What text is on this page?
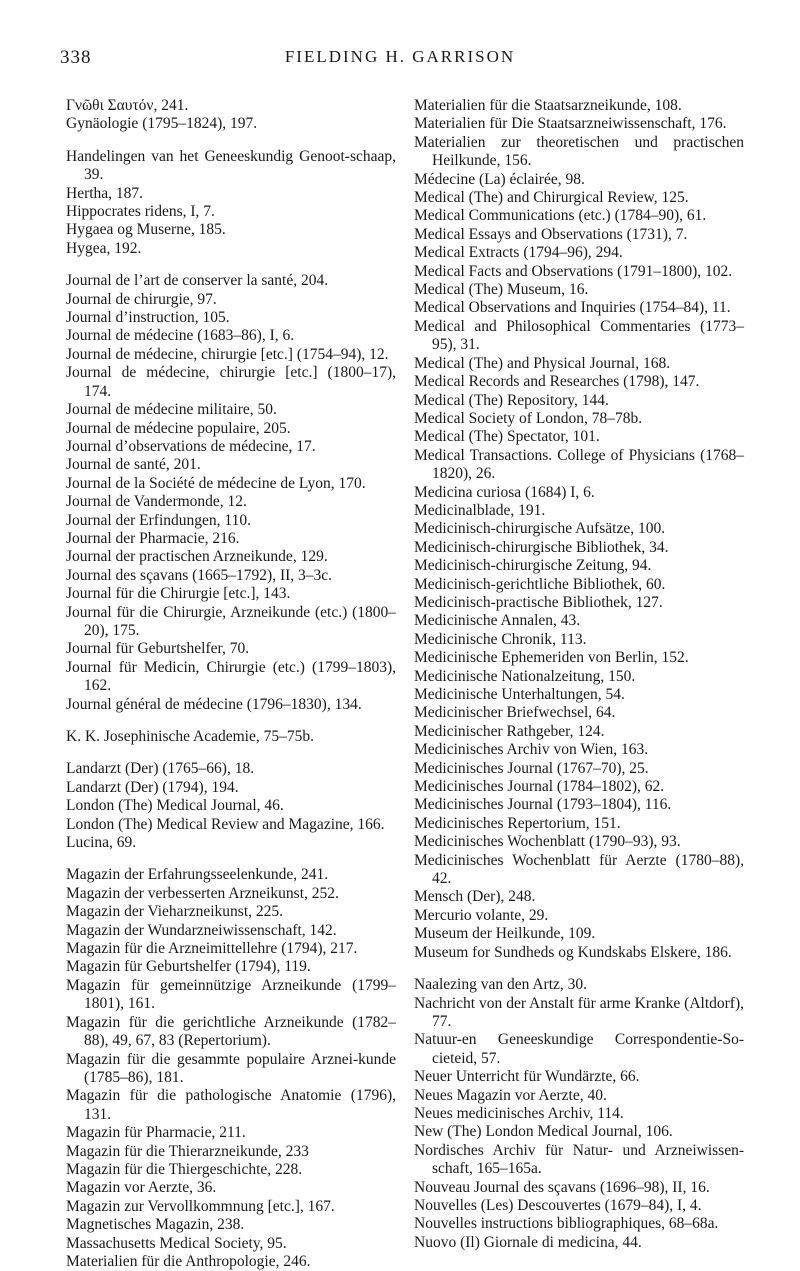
338	FIELDING H. GARRISON

Γνῶθι Σαυτόν, 241.

Gynäologie (1795–1824), 197.

Handelingen van het Geneeskundig Genoot-schaap, 39.

Hertha, 187.

Hippocrates ridens, I, 7.

Hygaea og Muserne, 185.

Hygea, 192.

Journal de l’art de conserver la santé, 204.

Journal de chirurgie, 97.

Journal d’instruction, 105.

Journal de médecine (1683–86), I, 6.

Journal de médecine, chirurgie [etc.] (1754–94), 12.

Journal de médecine, chirurgie [etc.] (1800–17), 174.

Journal de médecine militaire, 50.

Journal de médecine populaire, 205.

Journal d’observations de médecine, 17.

Journal de santé, 201.

Journal de la Société de médecine de Lyon, 170.

Journal de Vandermonde, 12.

Journal der Erfindungen, 110.

Journal der Pharmacie, 216.

Journal der practischen Arzneikunde, 129.

Journal des sçavans (1665–1792), II, 3–3c.

Journal für die Chirurgie [etc.], 143.

Journal für die Chirurgie, Arzneikunde (etc.) (1800–20), 175.

Journal für Geburtshelfer, 70.

Journal für Medicin, Chirurgie (etc.) (1799–1803), 162.

Journal général de médecine (1796–1830), 134.

K. K. Josephinische Academie, 75–75b.

Landarzt (Der) (1765–66), 18.

Landarzt (Der) (1794), 194.

London (The) Medical Journal, 46.

London (The) Medical Review and Magazine, 166.

Lucina, 69.

Magazin der Erfahrungsseelenkunde, 241.

Magazin der verbesserten Arzneikunst, 252.

Magazin der Vieharzneikunst, 225.

Magazin der Wundarzneiwissenschaft, 142.

Magazin für die Arzneimittellehre (1794), 217.

Magazin für Geburtshelfer (1794), 119.

Magazin für gemeinnützige Arzneikunde (1799–1801), 161.

Magazin für die gerichtliche Arzneikunde (1782–88), 49, 67, 83 (Repertorium).

Magazin für die gesammte populaire Arznei-kunde (1785–86), 181.

Magazin für die pathologische Anatomie (1796), 131.

Magazin für Pharmacie, 211.

Magazin für die Thierarzneikunde, 233

Magazin für die Thiergeschichte, 228.

Magazin vor Aerzte, 36.

Magazin zur Vervollkommnung [etc.], 167.

Magnetisches Magazin, 238.

Massachusetts Medical Society, 95.

Materialien für die Anthropologie, 246.

Materialien für die Staatsarzneikunde, 108.

Materialien für Die Staatsarzneiwissenschaft, 176.

Materialien zur theoretischen und practischen Heilkunde, 156.

Médecine (La) éclairée, 98.

Medical (The) and Chirurgical Review, 125.

Medical Communications (etc.) (1784–90), 61.

Medical Essays and Observations (1731), 7.

Medical Extracts (1794–96), 294.

Medical Facts and Observations (1791–1800), 102.

Medical (The) Museum, 16.

Medical Observations and Inquiries (1754–84), 11.

Medical and Philosophical Commentaries (1773–95), 31.

Medical (The) and Physical Journal, 168.

Medical Records and Researches (1798), 147.

Medical (The) Repository, 144.

Medical Society of London, 78–78b.

Medical (The) Spectator, 101.

Medical Transactions. College of Physicians (1768–1820), 26.

Medicina curiosa (1684) I, 6.

Medicinalblade, 191.

Medicinisch-chirurgische Aufsätze, 100.

Medicinisch-chirurgische Bibliothek, 34.

Medicinisch-chirurgische Zeitung, 94.

Medicinisch-gerichtliche Bibliothek, 60.

Medicinisch-practische Bibliothek, 127.

Medicinische Annalen, 43.

Medicinische Chronik, 113.

Medicinische Ephemeriden von Berlin, 152.

Medicinische Nationalzeitung, 150.

Medicinische Unterhaltungen, 54.

Medicinischer Briefwechsel, 64.

Medicinischer Rathgeber, 124.

Medicinisches Archiv von Wien, 163.

Medicinisches Journal (1767–70), 25.

Medicinisches Journal (1784–1802), 62.

Medicinisches Journal (1793–1804), 116.

Medicinisches Repertorium, 151.

Medicinisches Wochenblatt (1790–93), 93.

Medicinisches Wochenblatt für Aerzte (1780–88), 42.

Mensch (Der), 248.

Mercurio volante, 29.

Museum der Heilkunde, 109.

Museum for Sundheds og Kundskabs Elskere, 186.

Naalezing van den Artz, 30.

Nachricht von der Anstalt für arme Kranke (Altdorf), 77.

Natuur-en Geneeskundige Correspondentie-So-cieteid, 57.

Neuer Unterricht für Wundärzte, 66.

Neues Magazin vor Aerzte, 40.

Neues medicinisches Archiv, 114.

New (The) London Medical Journal, 106.

Nordisches Archiv für Natur- und Arzneiwissen-schaft, 165–165a.

Nouveau Journal des sçavans (1696–98), II, 16.

Nouvelles (Les) Descouvertes (1679–84), I, 4.

Nouvelles instructions bibliographiques, 68–68a.

Nuovo (Il) Giornale di medicina, 44.
